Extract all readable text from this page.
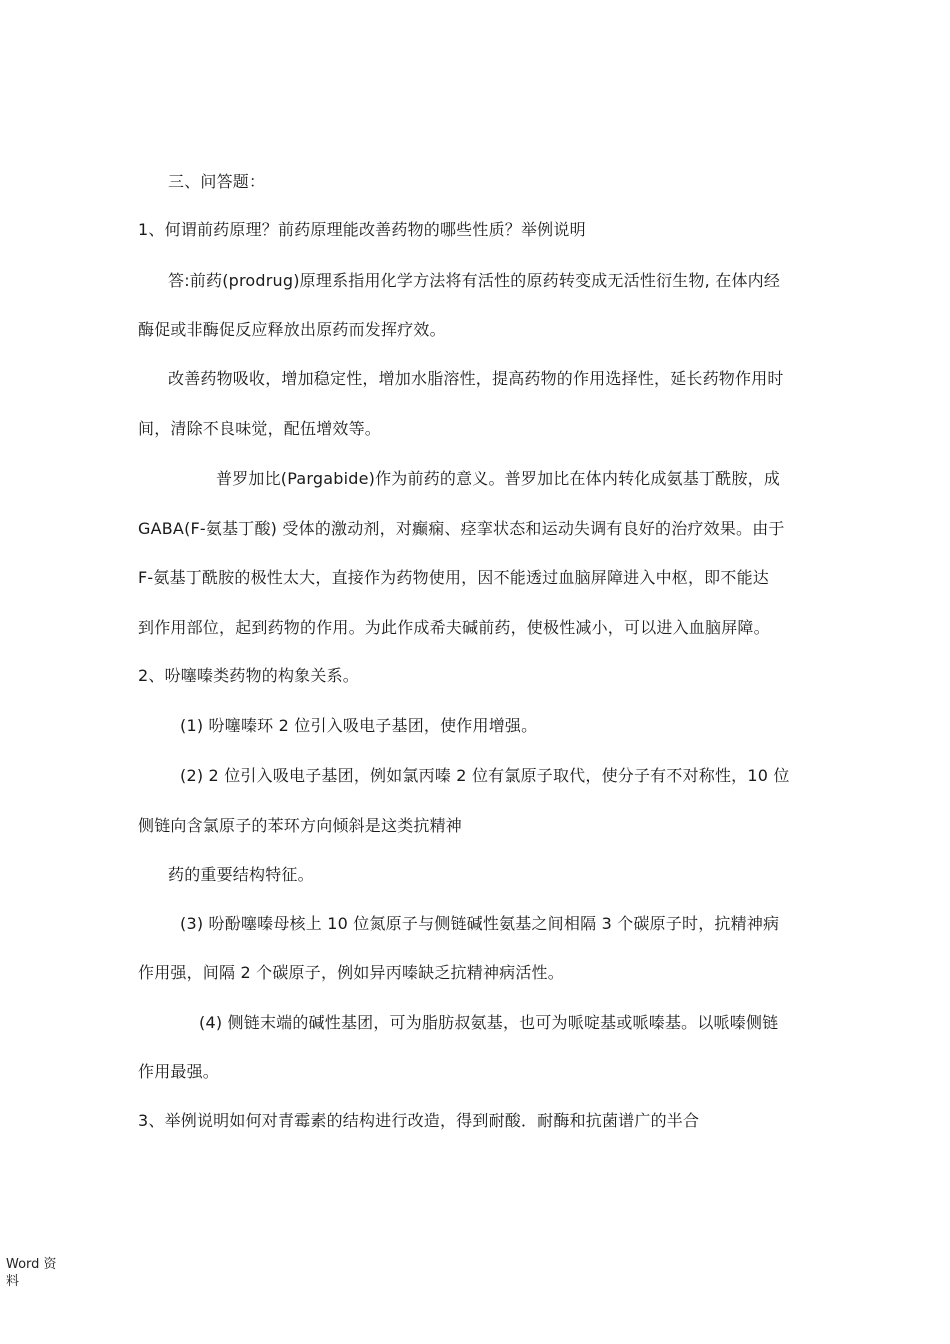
三、问答题：
1、何谓前药原理？前药原理能改善药物的哪些性质？举例说明
答:前药(prodrug)原理系指用化学方法将有活性的原药转变成无活性衍生物, 在体内经
酶促或非酶促反应释放出原药而发挥疗效。
改善药物吸收，增加稳定性，增加水脂溶性，提高药物的作用选择性，延长药物作用时
间，清除不良味觉，配伍增效等。
普罗加比(Pargabide)作为前药的意义。普罗加比在体内转化成氨基丁酰胺，成
GABA(F-氨基丁酸) 受体的激动剂，对癫痫、痉挛状态和运动失调有良好的治疗效果。由于
F-氨基丁酰胺的极性太大，直接作为药物使用，因不能透过血脑屏障进入中枢，即不能达
到作用部位，起到药物的作用。为此作成希夫碱前药，使极性减小，可以进入血脑屏障。
2、吩噻嗪类药物的构象关系。
(1) 吩噻嗪环 2 位引入吸电子基团，使作用增强。
(2) 2 位引入吸电子基团，例如氯丙嗪 2 位有氯原子取代，使分子有不对称性，10 位
侧链向含氯原子的苯环方向倾斜是这类抗精神
药的重要结构特征。
(3) 吩酚噻嗪母核上 10 位氮原子与侧链碱性氨基之间相隔 3 个碳原子时，抗精神病
作用强，间隔 2 个碳原子，例如异丙嗪缺乏抗精神病活性。
(4) 侧链末端的碱性基团，可为脂肪叔氨基，也可为哌啶基或哌嗪基。以哌嗪侧链
作用最强。
3、举例说明如何对青霉素的结构进行改造，得到耐酸．耐酶和抗菌谱广的半合
Word 资料
